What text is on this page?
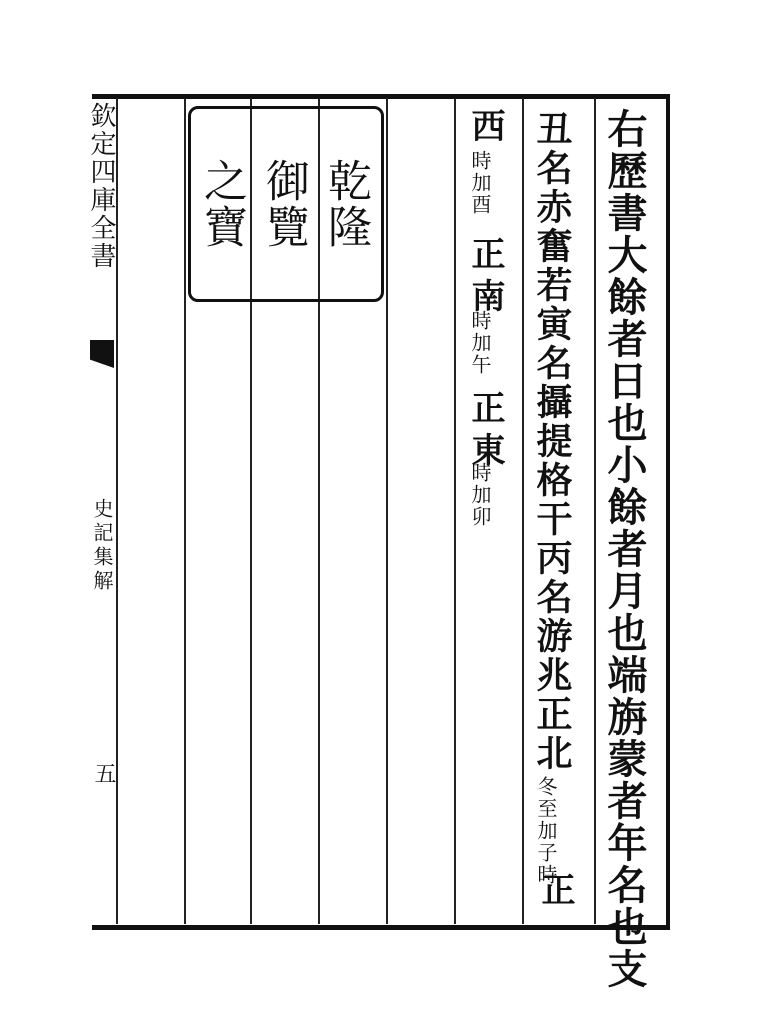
欽定四庫全書
史記集解
五
之寶 御覽 乾隆	右歷書大餘者日也小餘者月也端旃蒙者年名也支
丑名赤奮若寅名攝提格干丙名游兆正北
冬至加子時
正
西
時加酉
正南
時加午
正東
時加卯
